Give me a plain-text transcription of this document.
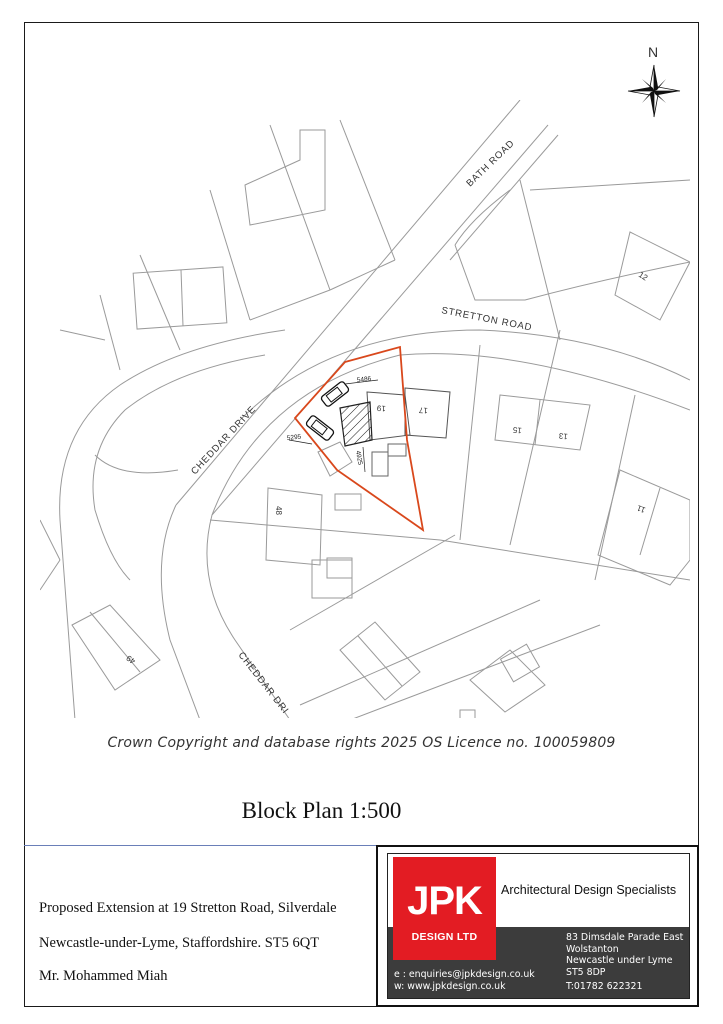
BATH ROAD
STRETTON ROAD
CHEDDAR DRIVE
CHEDDAR DRI
12
15
13
11
17
19
48
49
5486
5295
4925
N
Crown Copyright and database rights 2025 OS Licence no. 100059809
Block Plan 1:500
Proposed Extension at 19 Stretton Road, Silverdale
Newcastle-under-Lyme, Staffordshire. ST5 6QT
Mr. Mohammed Miah
JPK
DESIGN LTD
Architectural Design Specialists
83 Dimsdale Parade East
Wolstanton
Newcastle under Lyme
ST5 8DP
T:01782 622321
e : enquiries@jpkdesign.co.uk
w: www.jpkdesign.co.uk
